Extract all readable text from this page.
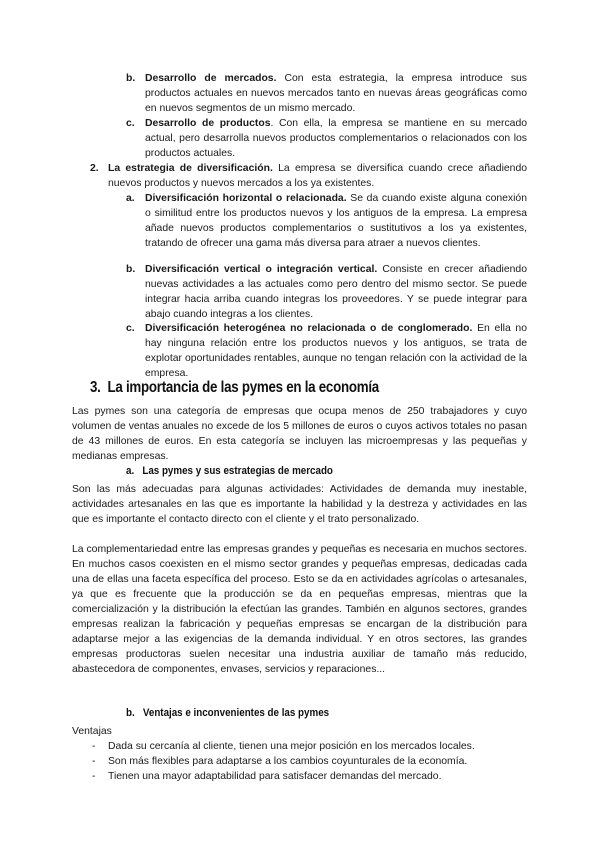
b. Desarrollo de mercados. Con esta estrategia, la empresa introduce sus productos actuales en nuevos mercados tanto en nuevas áreas geográficas como en nuevos segmentos de un mismo mercado.
c. Desarrollo de productos. Con ella, la empresa se mantiene en su mercado actual, pero desarrolla nuevos productos complementarios o relacionados con los productos actuales.
2. La estrategia de diversificación. La empresa se diversifica cuando crece añadiendo nuevos productos y nuevos mercados a los ya existentes.
a. Diversificación horizontal o relacionada. Se da cuando existe alguna conexión o similitud entre los productos nuevos y los antiguos de la empresa. La empresa añade nuevos productos complementarios o sustitutivos a los ya existentes, tratando de ofrecer una gama más diversa para atraer a nuevos clientes.
b. Diversificación vertical o integración vertical. Consiste en crecer añadiendo nuevas actividades a las actuales como pero dentro del mismo sector. Se puede integrar hacia arriba cuando integras los proveedores. Y se puede integrar para abajo cuando integras a los clientes.
c. Diversificación heterogénea no relacionada o de conglomerado. En ella no hay ninguna relación entre los productos nuevos y los antiguos, se trata de explotar oportunidades rentables, aunque no tengan relación con la actividad de la empresa.
3. La importancia de las pymes en la economía
Las pymes son una categoría de empresas que ocupa menos de 250 trabajadores y cuyo volumen de ventas anuales no excede de los 5 millones de euros o cuyos activos totales no pasan de 43 millones de euros. En esta categoría se incluyen las microempresas y las pequeñas y medianas empresas.
a. Las pymes y sus estrategias de mercado
Son las más adecuadas para algunas actividades: Actividades de demanda muy inestable, actividades artesanales en las que es importante la habilidad y la destreza y actividades en las que es importante el contacto directo con el cliente y el trato personalizado.
La complementariedad entre las empresas grandes y pequeñas es necesaria en muchos sectores. En muchos casos coexisten en el mismo sector grandes y pequeñas empresas, dedicadas cada una de ellas una faceta específica del proceso. Esto se da en actividades agrícolas o artesanales, ya que es frecuente que la producción se da en pequeñas empresas, mientras que la comercialización y la distribución la efectúan las grandes. También en algunos sectores, grandes empresas realizan la fabricación y pequeñas empresas se encargan de la distribución para adaptarse mejor a las exigencias de la demanda individual. Y en otros sectores, las grandes empresas productoras suelen necesitar una industria auxiliar de tamaño más reducido, abastecedora de componentes, envases, servicios y reparaciones...
b. Ventajas e inconvenientes de las pymes
Ventajas
- Dada su cercanía al cliente, tienen una mejor posición en los mercados locales.
- Son más flexibles para adaptarse a los cambios coyunturales de la economía.
- Tienen una mayor adaptabilidad para satisfacer demandas del mercado.
